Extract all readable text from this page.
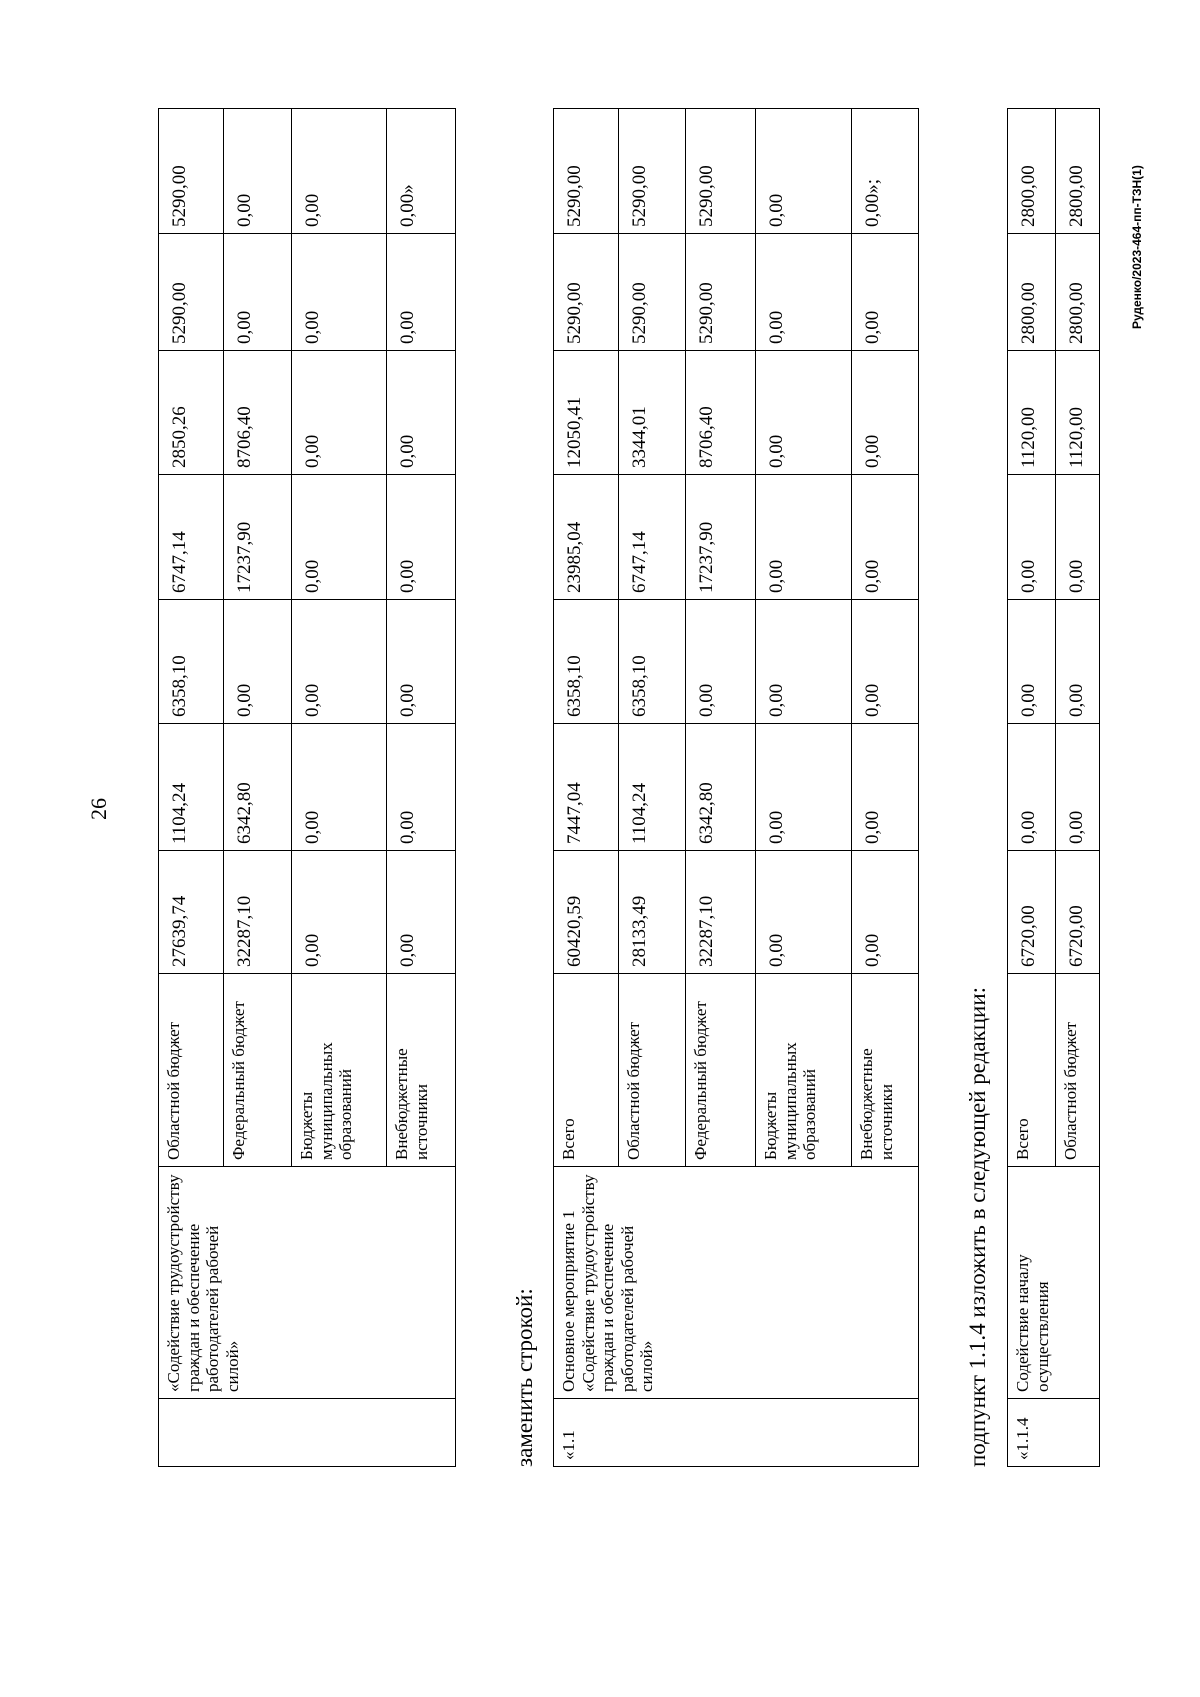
26
	«Содействие трудоустройству граждан и обеспечение работодателей рабочей силой»	Областной бюджет	27639,74	1104,24	6358,10	6747,14	2850,26	5290,00	5290,00
		Федеральный бюджет	32287,10	6342,80	0,00	17237,90	8706,40	0,00	0,00
		Бюджеты муниципальных образований	0,00	0,00	0,00	0,00	0,00	0,00	0,00
		Внебюджетные источники	0,00	0,00	0,00	0,00	0,00	0,00	0,00»
заменить строкой: «1.1	Основное мероприятие 1 «Содействие трудоустройству граждан и обеспечение работодателей рабочей силой»	Всего	60420,59	7447,04	6358,10	23985,04	12050,41	5290,00	5290,00
		Областной бюджет	28133,49	1104,24	6358,10	6747,14	3344,01	5290,00	5290,00
		Федеральный бюджет	32287,10	6342,80	0,00	17237,90	8706,40	5290,00	5290,00
		Бюджеты муниципальных образований	0,00	0,00	0,00	0,00	0,00	0,00	0,00
		Внебюджетные источники	0,00	0,00	0,00	0,00	0,00	0,00	0,00»;
подпункт 1.1.4 изложить в следующей редакции: «1.1.4	Содействие началу осуществления	Всего	6720,00	0,00	0,00	0,00	1120,00	2800,00	2800,00
		Областной бюджет	6720,00	0,00	0,00	0,00	1120,00	2800,00	2800,00	Руденко/2023-464-пп-ТЗН(1)
